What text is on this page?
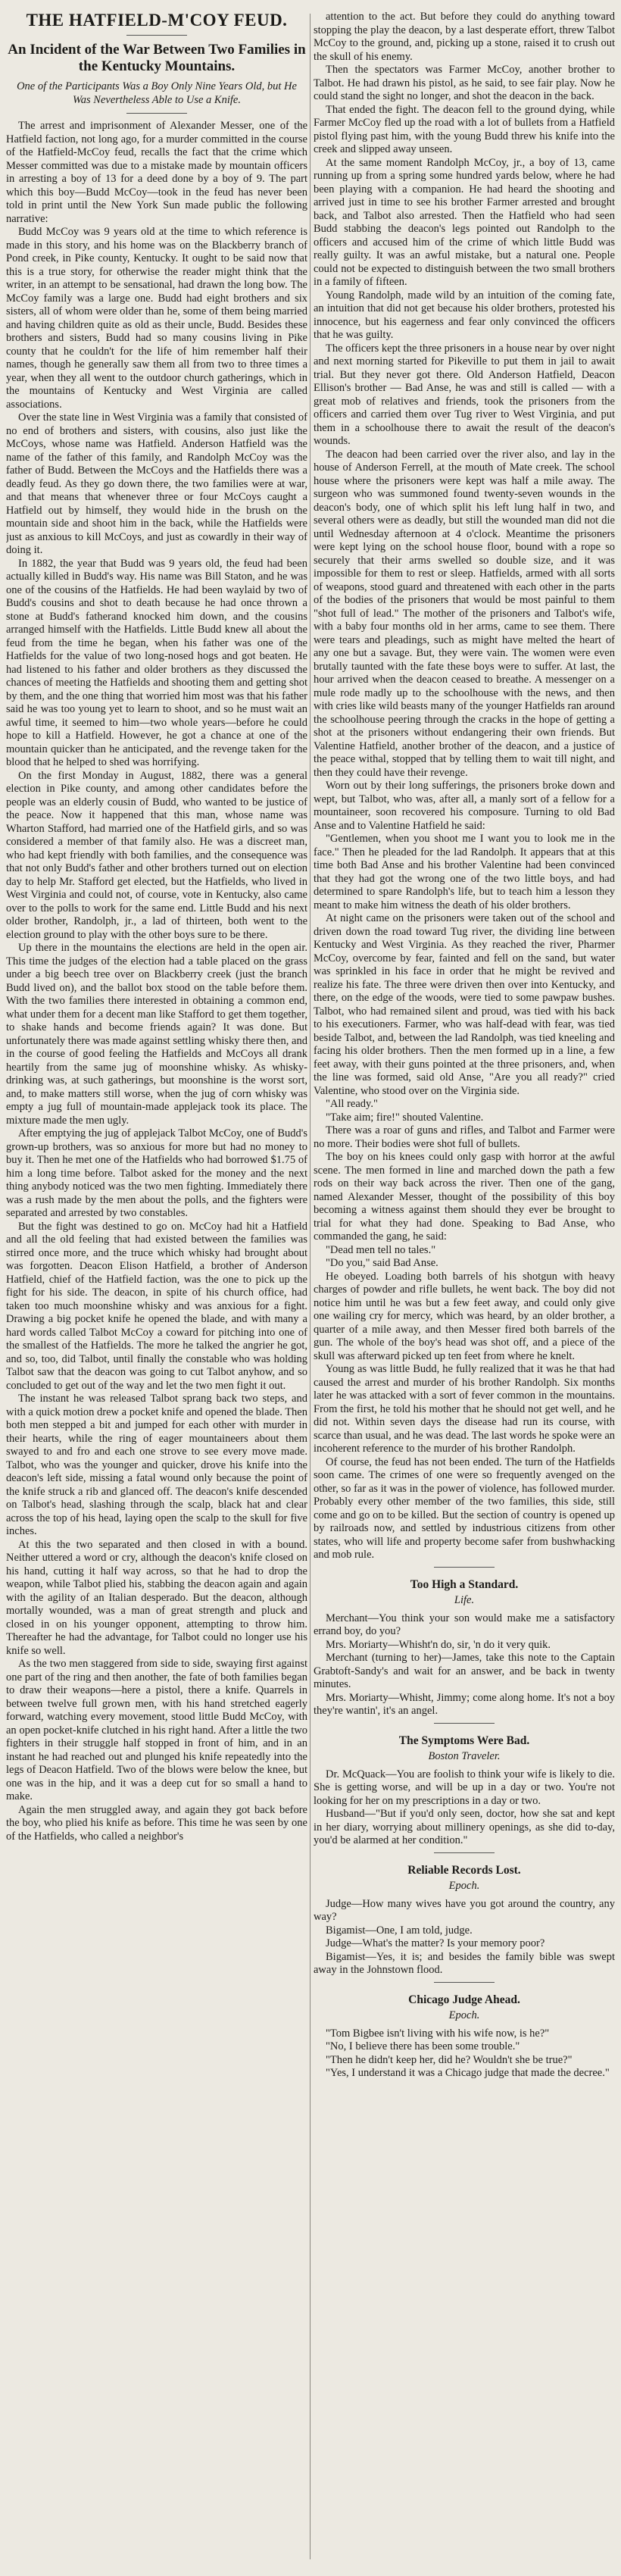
THE HATFIELD-M'COY FEUD.
An Incident of the War Between Two Families in the Kentucky Mountains.
One of the Participants Was a Boy Only Nine Years Old, but He Was Nevertheless Able to Use a Knife.

The arrest and imprisonment of Alexander Messer, one of the Hatfield faction, not long ago, for a murder committed in the course of the Hatfield-McCoy feud, recalls the fact that the crime which Messer committed was due to a mistake made by mountain officers in arresting a boy of 13 for a deed done by a boy of 9. The part which this boy—Budd McCoy—took in the feud has never been told in print until the New York Sun made public the following narrative:

Budd McCoy was 9 years old at the time to which reference is made in this story, and his home was on the Blackberry branch of Pond creek, in Pike county, Kentucky. It ought to be said now that this is a true story, for otherwise the reader might think that the writer, in an attempt to be sensational, had drawn the long bow. The McCoy family was a large one. Budd had eight brothers and six sisters, all of whom were older than he, some of them being married and having children quite as old as their uncle, Budd. Besides these brothers and sisters, Budd had so many cousins living in Pike county that he couldn't for the life of him remember half their names, though he generally saw them all from two to three times a year, when they all went to the outdoor church gatherings, which in the mountains of Kentucky and West Virginia are called associations.

Over the state line in West Virginia was a family that consisted of no end of brothers and sisters, with cousins, also just like the McCoys, whose name was Hatfield. Anderson Hatfield was the name of the father of this family, and Randolph McCoy was the father of Budd. Between the McCoys and the Hatfields there was a deadly feud. As they go down there, the two families were at war, and that means that whenever three or four McCoys caught a Hatfield out by himself, they would hide in the brush on the mountain side and shoot him in the back, while the Hatfields were just as anxious to kill McCoys, and just as cowardly in their way of doing it.

In 1882, the year that Budd was 9 years old, the feud had been actually killed in Budd's way. His name was Bill Staton, and he was one of the cousins of the Hatfields. He had been waylaid by two of Budd's cousins and shot to death because he had once thrown a stone at Budd's fatherand knocked him down, and the cousins arranged himself with the Hatfields. Little Budd knew all about the feud from the time he began, when his father was one of the Hatfields for the value of two long-nosed hogs and got beaten. He had listened to his father and older brothers as they discussed the chances of meeting the Hatfields and shooting them and getting shot by them, and the one thing that worried him most was that his father said he was too young yet to learn to shoot, and so he must wait an awful time, it seemed to him—two whole years—before he could hope to kill a Hatfield. However, he got a chance at one of the mountain quicker than he anticipated, and the revenge taken for the blood that he helped to shed was horrifying.

On the first Monday in August, 1882, there was a general election in Pike county, and among other candidates before the people was an elderly cousin of Budd, who wanted to be justice of the peace. Now it happened that this man, whose name was Wharton Stafford, had married one of the Hatfield girls, and so was considered a member of that family also. He was a discreet man, who had kept friendly with both families, and the consequence was that not only Budd's father and other brothers turned out on election day to help Mr. Stafford get elected, but the Hatfields, who lived in West Virginia and could not, of course, vote in Kentucky, also came over to the polls to work for the same end. Little Budd and his next older brother, Randolph, jr., a lad of thirteen, both went to the election ground to play with the other boys sure to be there.

Up there in the mountains the elections are held in the open air. This time the judges of the election had a table placed on the grass under a big beech tree over on Blackberry creek (just the branch Budd lived on), and the ballot box stood on the table before them. With the two families there interested in obtaining a common end, what under them for a decent man like Stafford to get them together, to shake hands and become friends again? It was done. But unfortunately there was made against settling whisky there then, and in the course of good feeling the Hatfields and McCoys all drank heartily from the same jug of moonshine whisky. As whisky-drinking was, at such gatherings, but moonshine is the worst sort, and, to make matters still worse, when the jug of corn whisky was empty a jug full of mountain-made applejack took its place. The mixture made the men ugly.

After emptying the jug of applejack Talbot McCoy, one of Budd's grown-up brothers, was so anxious for more but had no money to buy it. Then he met one of the Hatfields who had borrowed $1.75 of him a long time before. Talbot asked for the money and the next thing anybody noticed was the two men fighting. Immediately there was a rush made by the men about the polls, and the fighters were separated and arrested by two constables.

But the fight was destined to go on. McCoy had hit a Hatfield and all the old feeling that had existed between the families was stirred once more, and the truce which whisky had brought about was forgotten. Deacon Elison Hatfield, a brother of Anderson Hatfield, chief of the Hatfield faction, was the one to pick up the fight for his side. The deacon, in spite of his church office, had taken too much moonshine whisky and was anxious for a fight. Drawing a big pocket knife he opened the blade, and with many a hard words called Talbot McCoy a coward for pitching into one of the smallest of the Hatfields. The more he talked the angrier he got, and so, too, did Talbot, until finally the constable who was holding Talbot saw that the deacon was going to cut Talbot anyhow, and so concluded to get out of the way and let the two men fight it out.

The instant he was released Talbot sprang back two steps, and with a quick motion drew a pocket knife and opened the blade. Then both men stepped a bit and jumped for each other with murder in their hearts, while the ring of eager mountaineers about them swayed to and fro and each one strove to see every move made. Talbot, who was the younger and quicker, drove his knife into the deacon's left side, missing a fatal wound only because the point of the knife struck a rib and glanced off. The deacon's knife descended on Talbot's head, slashing through the scalp, black hat and clear across the top of his head, laying open the scalp to the skull for five inches.

At this the two separated and then closed in with a bound. Neither uttered a word or cry, although the deacon's knife closed on his hand, cutting it half way across, so that he had to drop the weapon, while Talbot plied his, stabbing the deacon again and again with the agility of an Italian desperado. But the deacon, although mortally wounded, was a man of great strength and pluck and closed in on his younger opponent, attempting to throw him. Thereafter he had the advantage, for Talbot could no longer use his knife so well.

As the two men staggered from side to side, swaying first against one part of the ring and then another, the fate of both families began to draw their weapons—here a pistol, there a knife. Quarrels in between twelve full grown men, with his hand stretched eagerly forward, watching every movement, stood little Budd McCoy, with an open pocket-knife clutched in his right hand. After a little the two fighters in their struggle half stopped in front of him, and in an instant he had reached out and plunged his knife repeatedly into the legs of Deacon Hatfield. Two of the blows were below the knee, but one was in the hip, and it was a deep cut for so small a hand to make.

Again the men struggled away, and again they got back before the boy, who plied his knife as before. This time he was seen by one of the Hatfields, who called a neighbor's

attention to the act. But before they could do anything toward stopping the play the deacon, by a last desperate effort, threw Talbot McCoy to the ground, and, picking up a stone, raised it to crush out the skull of his enemy.

Then the spectators was Farmer McCoy, another brother to Talbot. He had drawn his pistol, as he said, to see fair play. Now he could stand the sight no longer, and shot the deacon in the back.

That ended the fight. The deacon fell to the ground dying, while Farmer McCoy fled up the road with a lot of bullets from a Hatfield pistol flying past him, with the young Budd threw his knife into the creek and slipped away unseen.

At the same moment Randolph McCoy, jr., a boy of 13, came running up from a spring some hundred yards below, where he had been playing with a companion. He had heard the shooting and arrived just in time to see his brother Farmer arrested and brought back, and Talbot also arrested. Then the Hatfield who had seen Budd stabbing the deacon's legs pointed out Randolph to the officers and accused him of the crime of which little Budd was really guilty. It was an awful mistake, but a natural one. People could not be expected to distinguish between the two small brothers in a family of fifteen.

Young Randolph, made wild by an intuition of the coming fate, an intuition that did not get because his older brothers, protested his innocence, but his eagerness and fear only convinced the officers that he was guilty.

The officers kept the three prisoners in a house near by over night and next morning started for Pikeville to put them in jail to await trial. But they never got there. Old Anderson Hatfield, Deacon Ellison's brother — Bad Anse, he was and still is called — with a great mob of relatives and friends, took the prisoners from the officers and carried them over Tug river to West Virginia, and put them in a schoolhouse there to await the result of the deacon's wounds.

The deacon had been carried over the river also, and lay in the house of Anderson Ferrell, at the mouth of Mate creek. The school house where the prisoners were kept was half a mile away. The surgeon who was summoned found twenty-seven wounds in the deacon's body, one of which split his left lung half in two, and several others were as deadly, but still the wounded man did not die until Wednesday afternoon at 4 o'clock. Meantime the prisoners were kept lying on the school house floor, bound with a rope so securely that their arms swelled so double size, and it was impossible for them to rest or sleep. Hatfields, armed with all sorts of weapons, stood guard and threatened with each other in the parts of the bodies of the prisoners that would be most painful to them "shot full of lead." The mother of the prisoners and Talbot's wife, with a baby four months old in her arms, came to see them. There were tears and pleadings, such as might have melted the heart of any one but a savage. But, they were vain. The women were even brutally taunted with the fate these boys were to suffer. At last, the hour arrived when the deacon ceased to breathe. A messenger on a mule rode madly up to the schoolhouse with the news, and then with cries like wild beasts many of the younger Hatfields ran around the schoolhouse peering through the cracks in the hope of getting a shot at the prisoners without endangering their own friends. But Valentine Hatfield, another brother of the deacon, and a justice of the peace withal, stopped that by telling them to wait till night, and then they could have their revenge.

Worn out by their long sufferings, the prisoners broke down and wept, but Talbot, who was, after all, a manly sort of a fellow for a mountaineer, soon recovered his composure. Turning to old Bad Anse and to Valentine Hatfield he said:

"Gentlemen, when you shoot me I want you to look me in the face." Then he pleaded for the lad Randolph. It appears that at this time both Bad Anse and his brother Valentine had been convinced that they had got the wrong one of the two little boys, and had determined to spare Randolph's life, but to teach him a lesson they meant to make him witness the death of his older brothers.

At night came on the prisoners were taken out of the school and driven down the road toward Tug river, the dividing line between Kentucky and West Virginia. As they reached the river, Pharmer McCoy, overcome by fear, fainted and fell on the sand, but water was sprinkled in his face in order that he might be revived and realize his fate. The three were driven then over into Kentucky, and there, on the edge of the woods, were tied to some pawpaw bushes. Talbot, who had remained silent and proud, was tied with his back to his executioners. Farmer, who was half-dead with fear, was tied beside Talbot, and, between the lad Randolph, was tied kneeling and facing his older brothers. Then the men formed up in a line, a few feet away, with their guns pointed at the three prisoners, and, when the line was formed, said old Anse, "Are you all ready?" cried Valentine, who stood over on the Virginia side.

"All ready."

"Take aim; fire!" shouted Valentine.

There was a roar of guns and rifles, and Talbot and Farmer were no more. Their bodies were shot full of bullets.

The boy on his knees could only gasp with horror at the awful scene. The men formed in line and marched down the path a few rods on their way back across the river. Then one of the gang, named Alexander Messer, thought of the possibility of this boy becoming a witness against them should they ever be brought to trial for what they had done. Speaking to Bad Anse, who commanded the gang, he said:

"Dead men tell no tales."

"Do you," said Bad Anse.

He obeyed. Loading both barrels of his shotgun with heavy charges of powder and rifle bullets, he went back. The boy did not notice him until he was but a few feet away, and could only give one wailing cry for mercy, which was heard, by an older brother, a quarter of a mile away, and then Messer fired both barrels of the gun. The whole of the boy's head was shot off, and a piece of the skull was afterward picked up ten feet from where he knelt.

Young as was little Budd, he fully realized that it was he that had caused the arrest and murder of his brother Randolph. Six months later he was attacked with a sort of fever common in the mountains. From the first, he told his mother that he should not get well, and he did not. Within seven days the disease had run its course, with scarce than usual, and he was dead. The last words he spoke were an incoherent reference to the murder of his brother Randolph.

Of course, the feud has not been ended. The turn of the Hatfields soon came. The crimes of one were so frequently avenged on the other, so far as it was in the power of violence, has followed murder. Probably every other member of the two families, this side, still come and go on to be killed. But the section of country is opened up by railroads now, and settled by industrious citizens from other states, who will life and property become safer from bushwhacking and mob rule.

Too High a Standard.
Life.

Merchant—You think your son would make me a satisfactory errand boy, do you?

Mrs. Moriarty—Whisht'n do, sir, 'n do it very quik.

Merchant (turning to her)—James, take this note to the Captain Grabtoft-Sandy's and wait for an answer, and be back in twenty minutes.

Mrs. Moriarty—Whisht, Jimmy; come along home. It's not a boy they're wantin', it's an angel.

The Symptoms Were Bad.
Boston Traveler.

Dr. McQuack—You are foolish to think your wife is likely to die. She is getting worse, and will be up in a day or two. You're not looking for her on my prescriptions in a day or two.

Husband—"But if you'd only seen, doctor, how she sat and kept in her diary, worrying about millinery openings, as she did to-day, you'd be alarmed at her condition."

Reliable Records Lost.
Epoch.

Judge—How many wives have you got around the country, any way?

Bigamist—One, I am told, judge.

Judge—What's the matter? Is your memory poor?

Bigamist—Yes, it is; and besides the family bible was swept away in the Johnstown flood.

Chicago Judge Ahead.
Epoch.

"Tom Bigbee isn't living with his wife now, is he?"

"No, I believe there has been some trouble."

"Then he didn't keep her, did he? Wouldn't she be true?"

"Yes, I understand it was a Chicago judge that made the decree."
